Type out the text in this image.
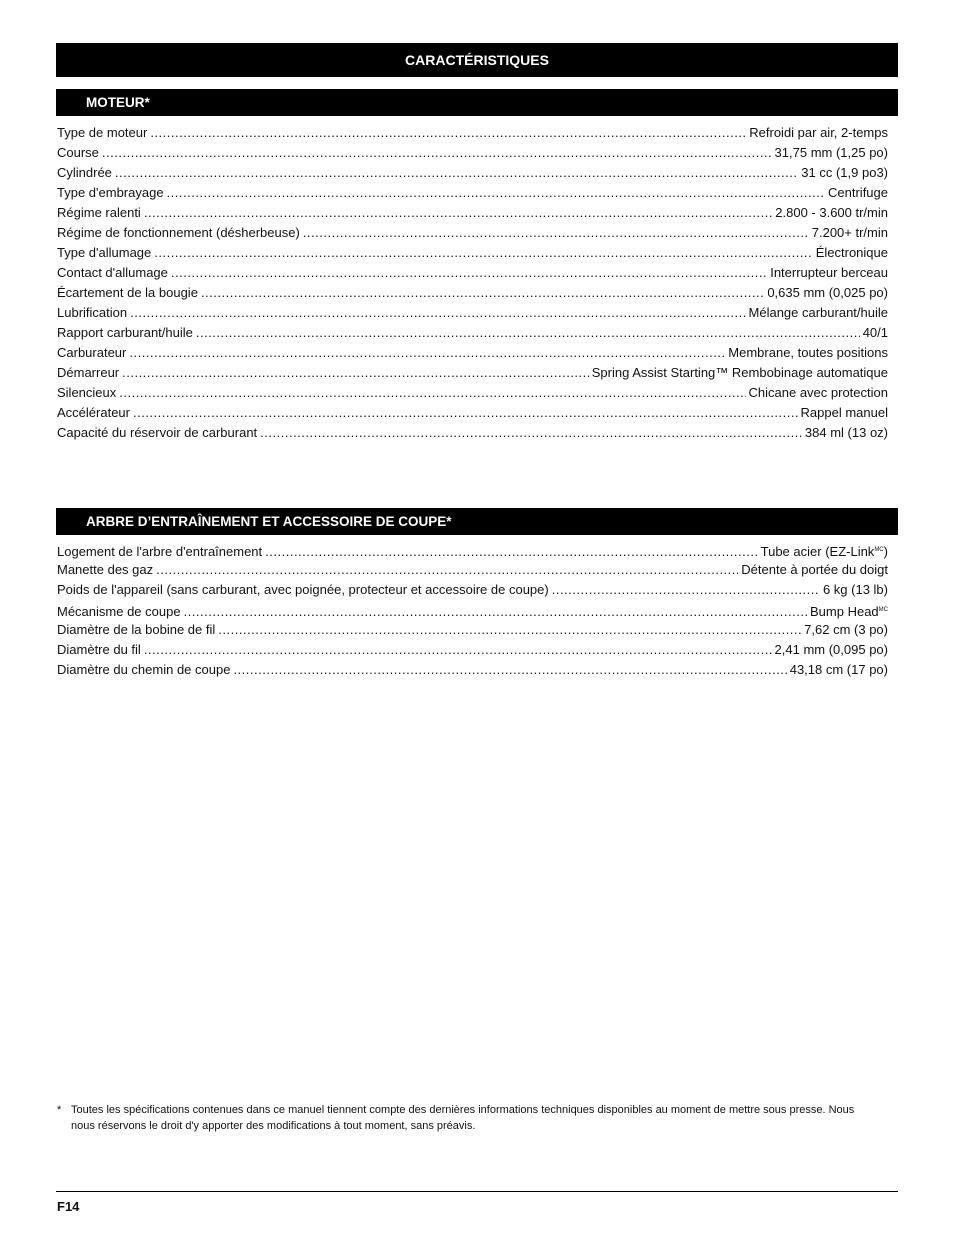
CARACTÉRISTIQUES
MOTEUR*
Type de moteur .....	Refroidi par air, 2-temps
Course .....	31,75 mm (1,25 po)
Cylindrée .....	31 cc (1,9 po3)
Type d'embrayage .....	Centrifuge
Régime ralenti .....	2.800 - 3.600 tr/min
Régime de fonctionnement (désherbeuse) .....	7.200+ tr/min
Type d'allumage .....	Électronique
Contact d'allumage .....	Interrupteur berceau
Écartement de la bougie .....	0,635 mm (0,025 po)
Lubrification .....	Mélange carburant/huile
Rapport carburant/huile .....	40/1
Carburateur .....	Membrane, toutes positions
Démarreur .....	Spring Assist Starting™ Rembobinage automatique
Silencieux .....	Chicane avec protection
Accélérateur .....	Rappel manuel
Capacité du réservoir de carburant .....	384 ml (13 oz)
ARBRE D’ENTRAÎNEMENT ET ACCESSOIRE DE COUPE*
Logement de l'arbre d'entraînement .....	Tube acier (EZ-Link$^{MC}$)
Manette des gaz .....	Détente à portée du doigt
Poids de l'appareil (sans carburant, avec poignée, protecteur et accessoire de coupe) .....	6 kg (13 lb)
Mécanisme de coupe .....	Bump Head$^{MC}$
Diamètre de la bobine de fil .....	7,62 cm (3 po)
Diamètre du fil .....	2,41 mm (0,095 po)
Diamètre du chemin de coupe .....	43,18 cm (17 po)
* Toutes les spécifications contenues dans ce manuel tiennent compte des dernières informations techniques disponibles au moment de mettre sous presse. Nous nous réservons le droit d'y apporter des modifications à tout moment, sans préavis.
F14
